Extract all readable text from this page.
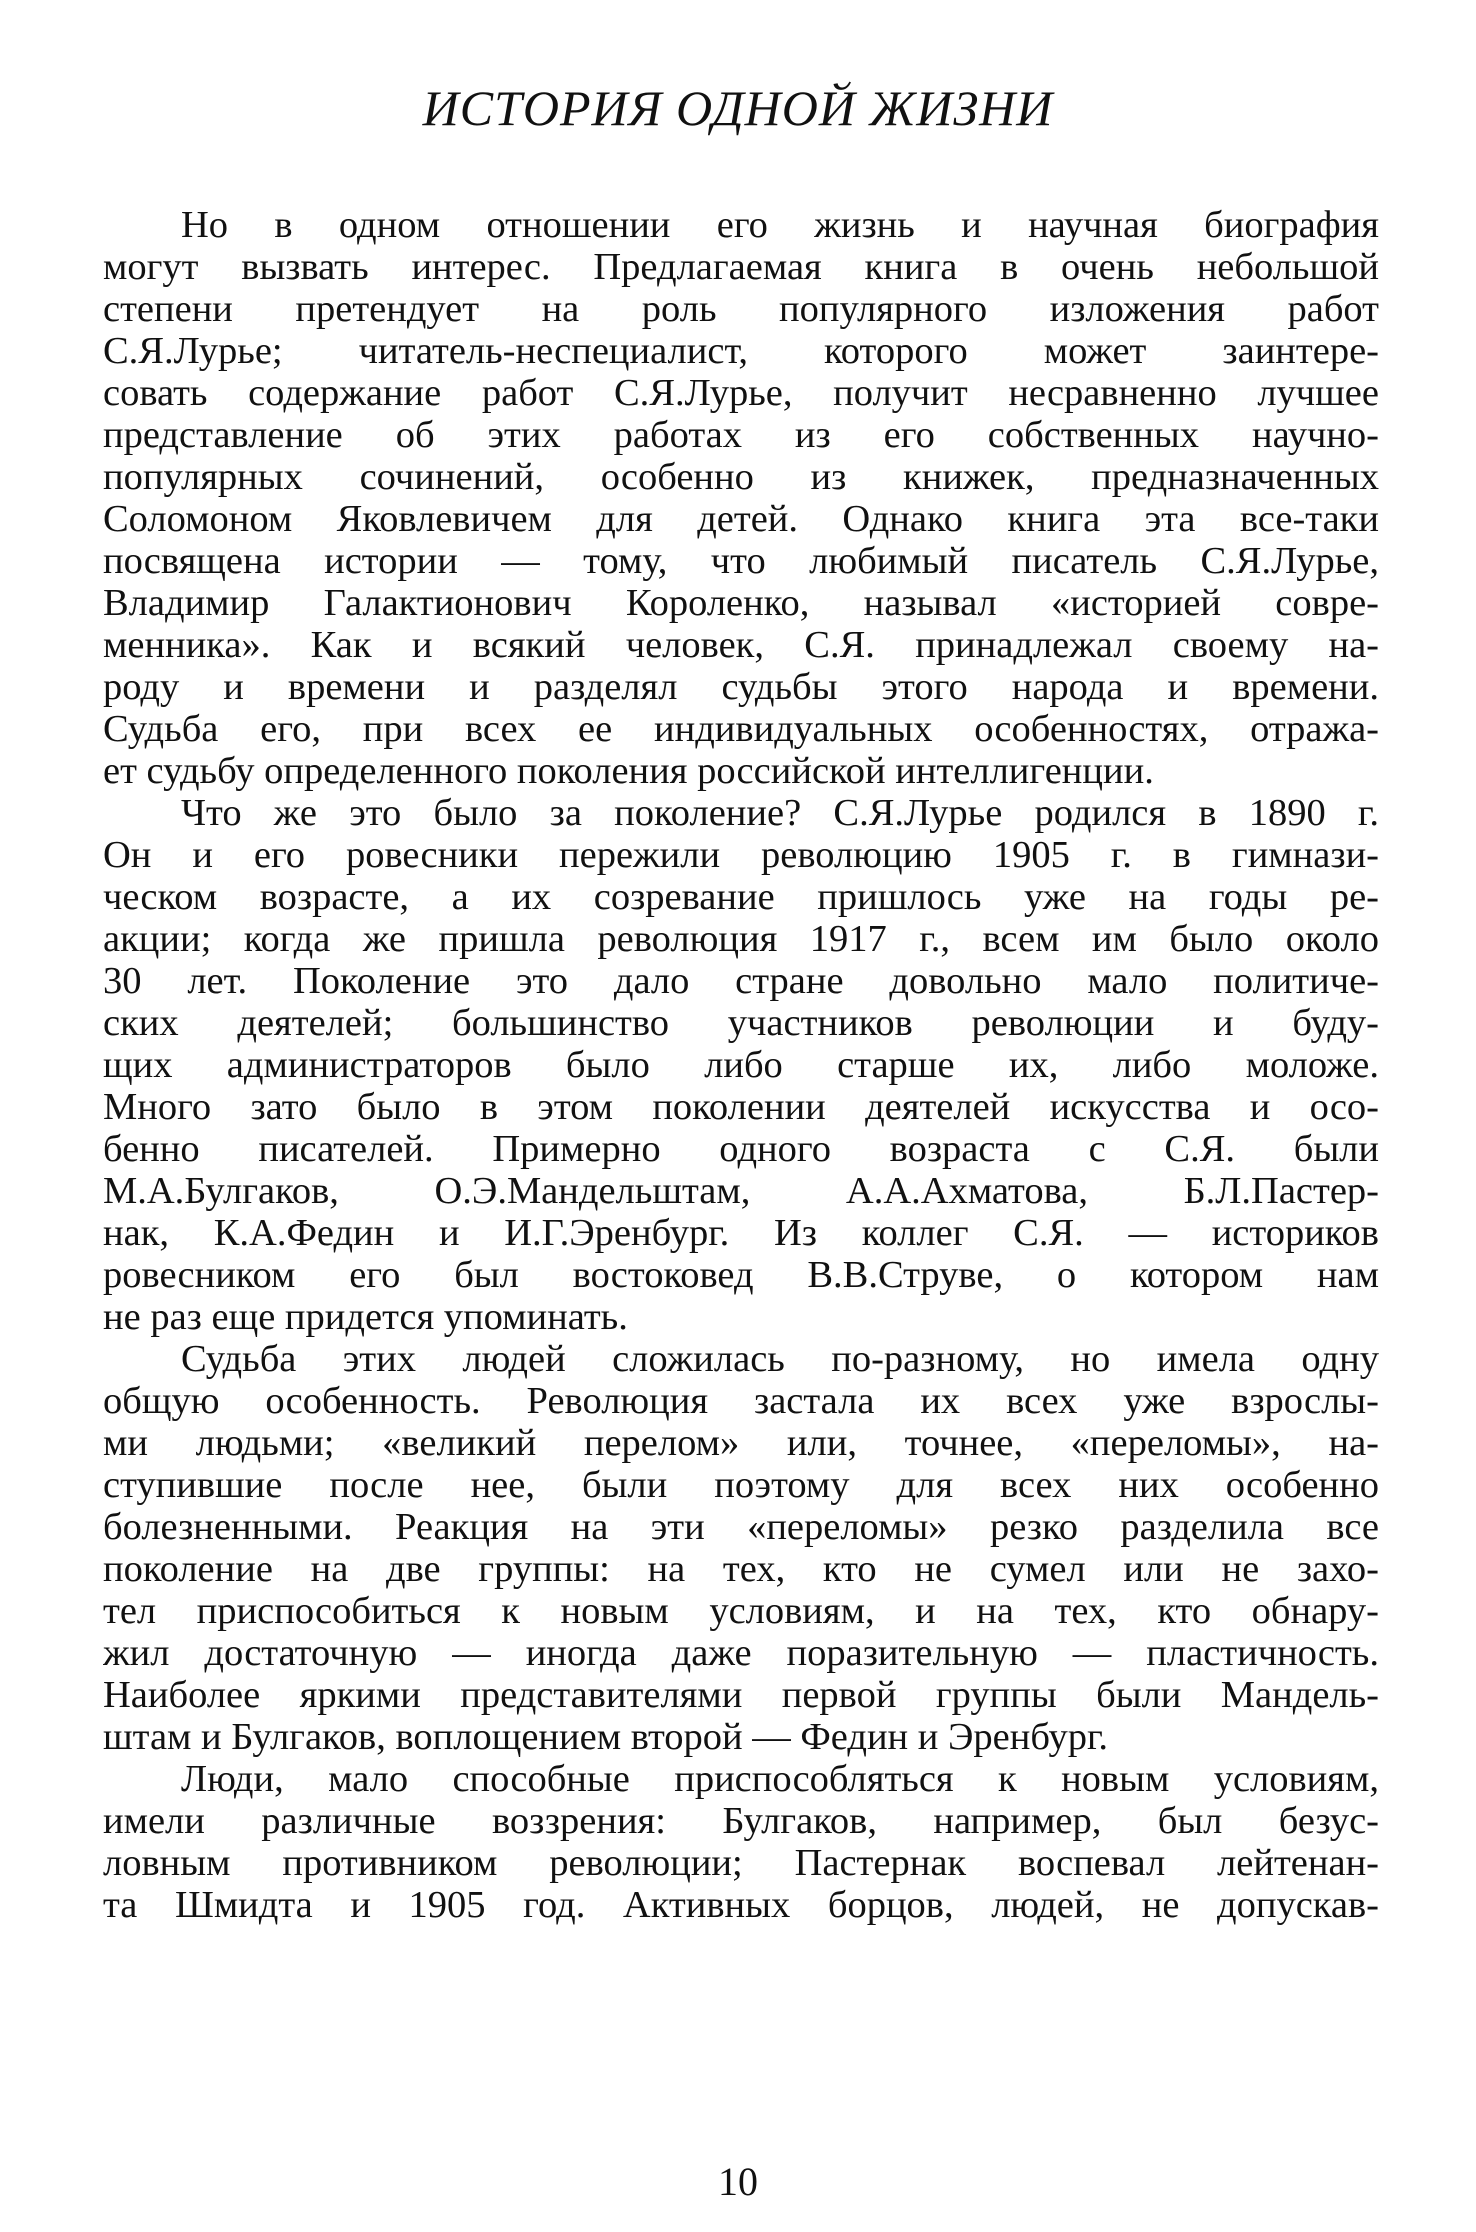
ИСТОРИЯ ОДНОЙ ЖИЗНИ
Но в одном отношении его жизнь и научная биография
могут вызвать интерес. Предлагаемая книга в очень небольшой
степени претендует на роль популярного изложения работ
С.Я.Лурье; читатель-неспециалист, которого может заинтере-
совать содержание работ С.Я.Лурье, получит несравненно лучшее
представление об этих работах из его собственных научно-
популярных сочинений, особенно из книжек, предназначенных
Соломоном Яковлевичем для детей. Однако книга эта все-таки
посвящена истории — тому, что любимый писатель С.Я.Лурье,
Владимир Галактионович Короленко, называл «историей совре-
менника». Как и всякий человек, С.Я. принадлежал своему на-
роду и времени и разделял судьбы этого народа и времени.
Судьба его, при всех ее индивидуальных особенностях, отража-
ет судьбу определенного поколения российской интеллигенции.
Что же это было за поколение? С.Я.Лурье родился в 1890 г.
Он и его ровесники пережили революцию 1905 г. в гимнази-
ческом возрасте, а их созревание пришлось уже на годы ре-
акции; когда же пришла революция 1917 г., всем им было около
30 лет. Поколение это дало стране довольно мало политиче-
ских деятелей; большинство участников революции и буду-
щих администраторов было либо старше их, либо моложе.
Много зато было в этом поколении деятелей искусства и осо-
бенно писателей. Примерно одного возраста с С.Я. были
М.А.Булгаков, О.Э.Мандельштам, А.А.Ахматова, Б.Л.Пастер-
нак, К.А.Федин и И.Г.Эренбург. Из коллег С.Я. — историков
ровесником его был востоковед В.В.Струве, о котором нам
не раз еще придется упоминать.
Судьба этих людей сложилась по-разному, но имела одну
общую особенность. Революция застала их всех уже взрослы-
ми людьми; «великий перелом» или, точнее, «переломы», на-
ступившие после нее, были поэтому для всех них особенно
болезненными. Реакция на эти «переломы» резко разделила все
поколение на две группы: на тех, кто не сумел или не захо-
тел приспособиться к новым условиям, и на тех, кто обнару-
жил достаточную — иногда даже поразительную — пластичность.
Наиболее яркими представителями первой группы были Мандель-
штам и Булгаков, воплощением второй — Федин и Эренбург.
Люди, мало способные приспособляться к новым условиям,
имели различные воззрения: Булгаков, например, был безус-
ловным противником революции; Пастернак воспевал лейтенан-
та Шмидта и 1905 год. Активных борцов, людей, не допускав-
10
